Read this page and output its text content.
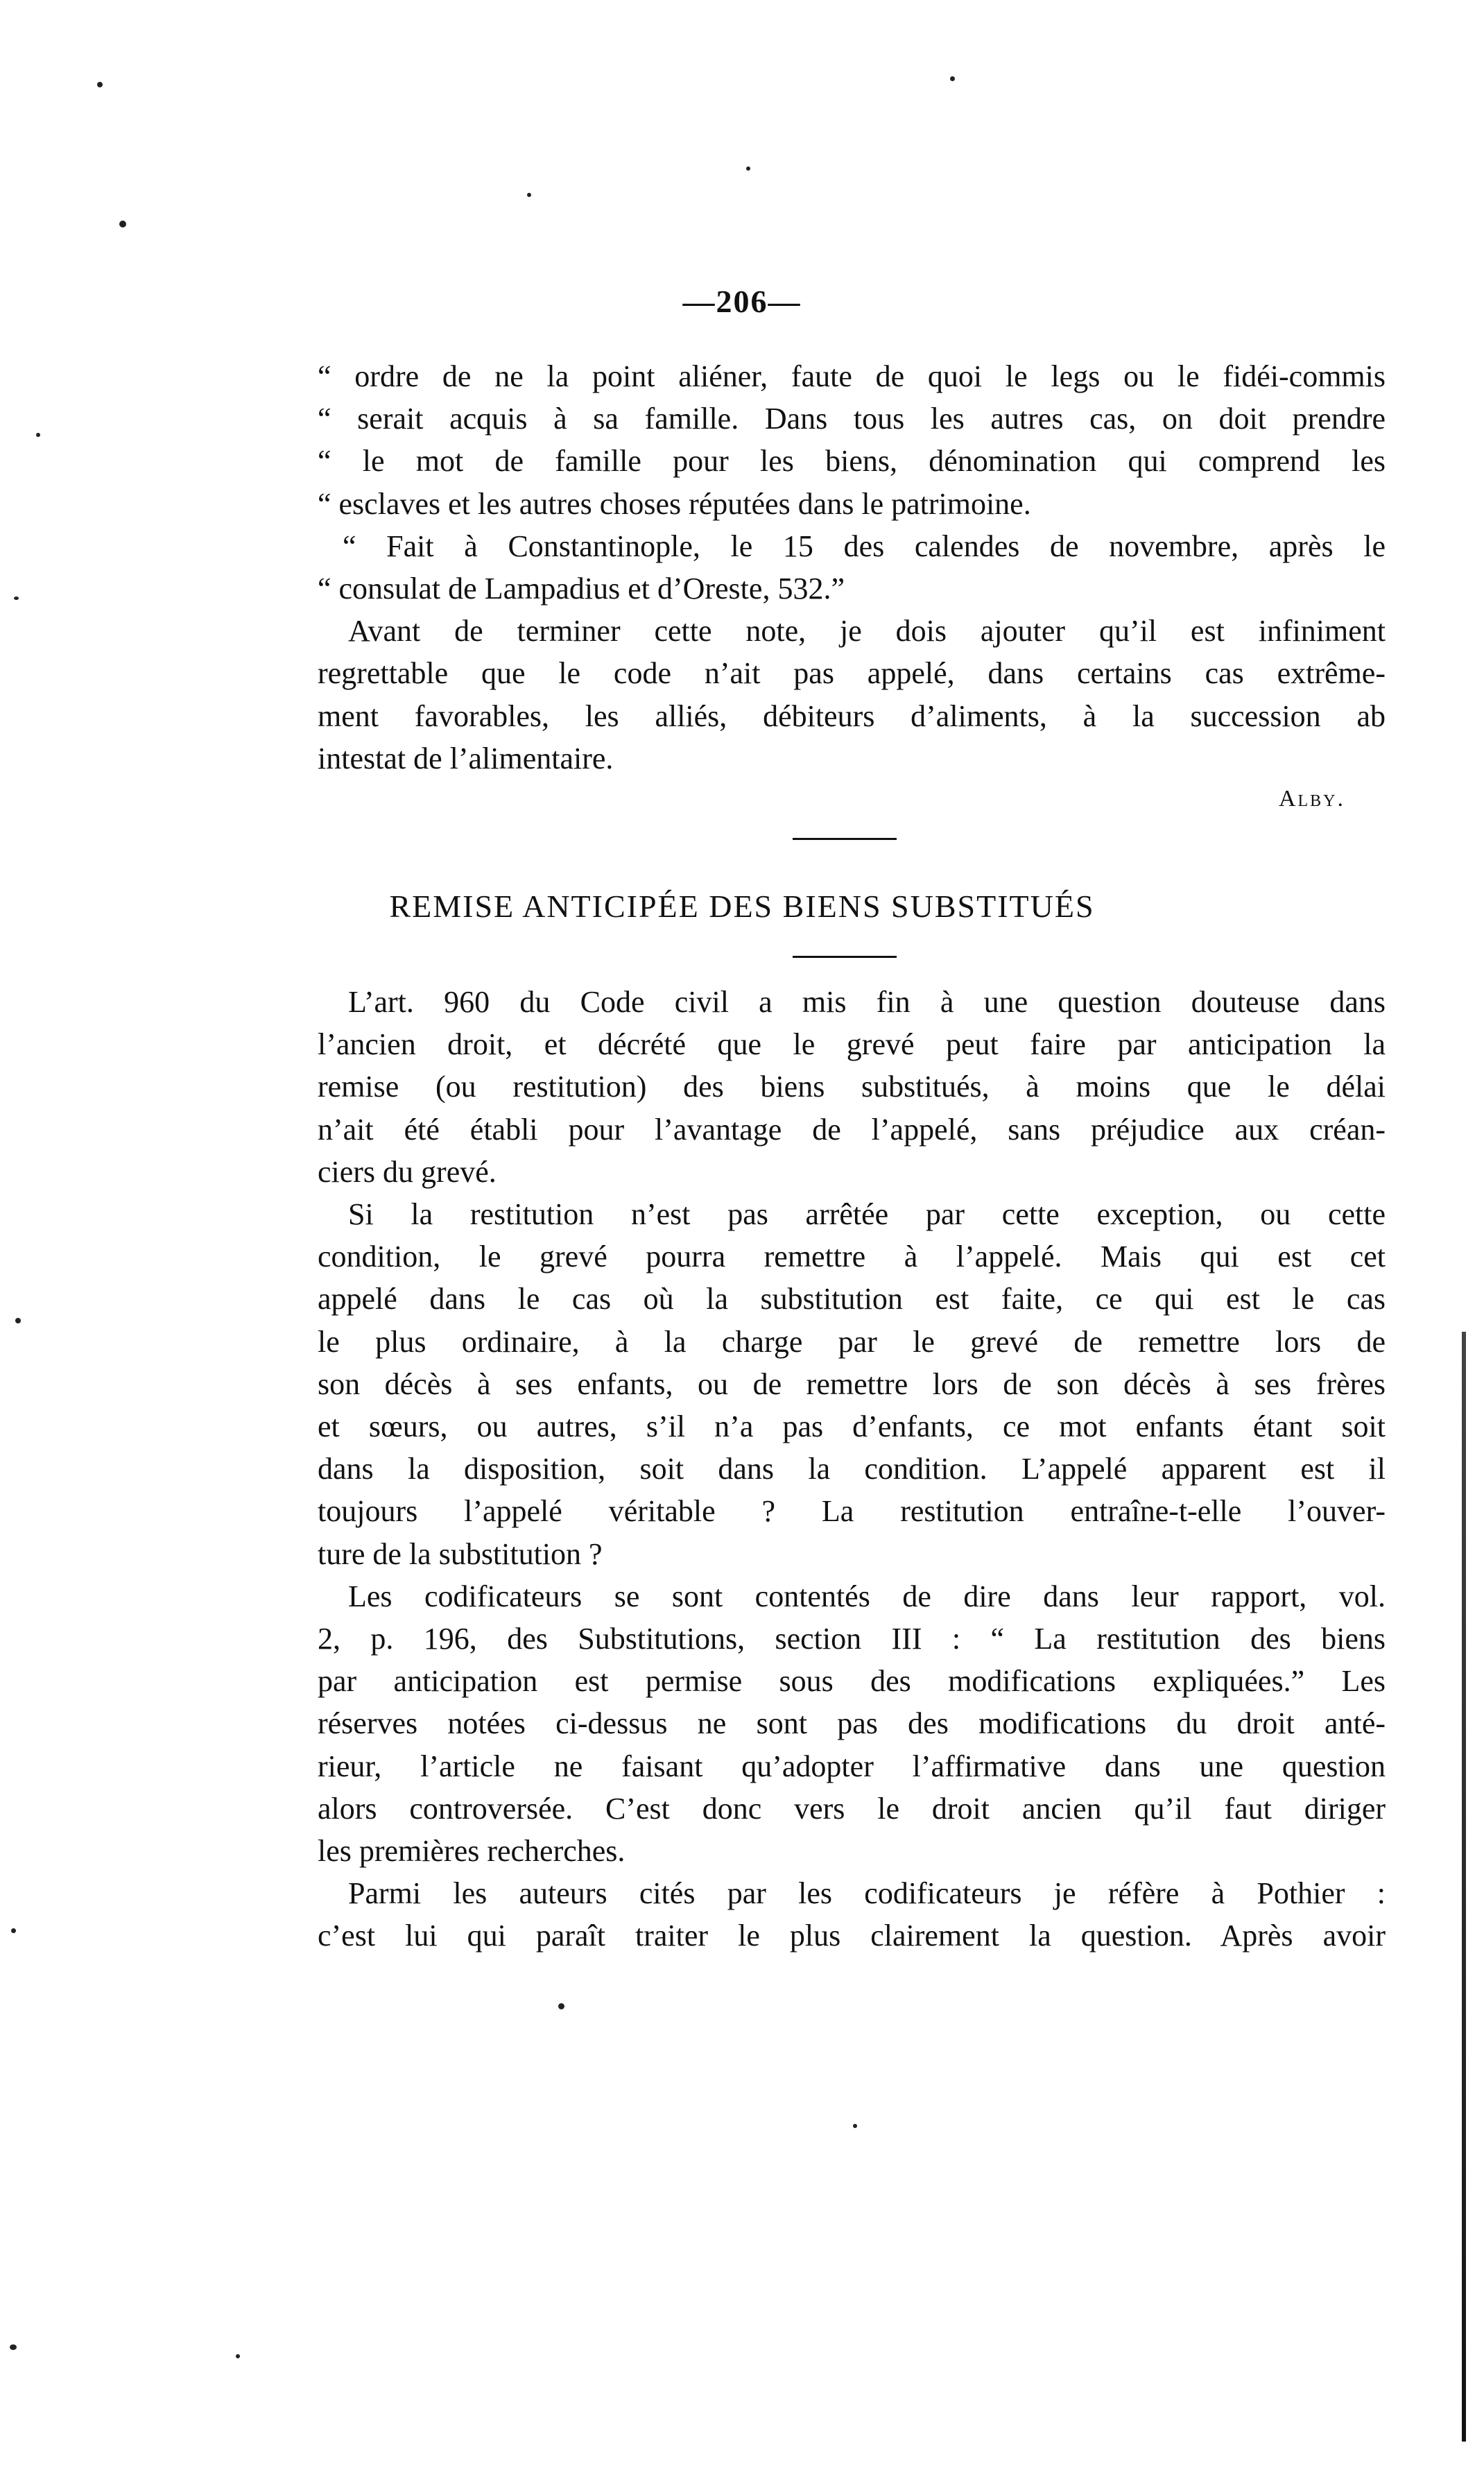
—206—
“ ordre de ne la point aliéner, faute de quoi le legs ou le fidéi-commis
“ serait acquis à sa famille. Dans tous les autres cas, on doit prendre
“ le mot de famille pour les biens, dénomination qui comprend les
“ esclaves et les autres choses réputées dans le patrimoine.
“ Fait à Constantinople, le 15 des calendes de novembre, après le
“ consulat de Lampadius et d’Oreste, 532.”
Avant de terminer cette note, je dois ajouter qu’il est infiniment
regrettable que le code n’ait pas appelé, dans certains cas extrême-
ment favorables, les alliés, débiteurs d’aliments, à la succession ab
intestat de l’alimentaire.
Alby.
REMISE ANTICIPÉE DES BIENS SUBSTITUÉS
L’art. 960 du Code civil a mis fin à une question douteuse dans
l’ancien droit, et décrété que le grevé peut faire par anticipation la
remise (ou restitution) des biens substitués, à moins que le délai
n’ait été établi pour l’avantage de l’appelé, sans préjudice aux créan-
ciers du grevé.
Si la restitution n’est pas arrêtée par cette exception, ou cette
condition, le grevé pourra remettre à l’appelé. Mais qui est cet
appelé dans le cas où la substitution est faite, ce qui est le cas
le plus ordinaire, à la charge par le grevé de remettre lors de
son décès à ses enfants, ou de remettre lors de son décès à ses frères
et sœurs, ou autres, s’il n’a pas d’enfants, ce mot enfants étant soit
dans la disposition, soit dans la condition. L’appelé apparent est il
toujours l’appelé véritable ? La restitution entraîne-t-elle l’ouver-
ture de la substitution ?
Les codificateurs se sont contentés de dire dans leur rapport, vol.
2, p. 196, des Substitutions, section III : “ La restitution des biens
par anticipation est permise sous des modifications expliquées.” Les
réserves notées ci-dessus ne sont pas des modifications du droit anté-
rieur, l’article ne faisant qu’adopter l’affirmative dans une question
alors controversée. C’est donc vers le droit ancien qu’il faut diriger
les premières recherches.
Parmi les auteurs cités par les codificateurs je réfère à Pothier :
c’est lui qui paraît traiter le plus clairement la question. Après avoir
